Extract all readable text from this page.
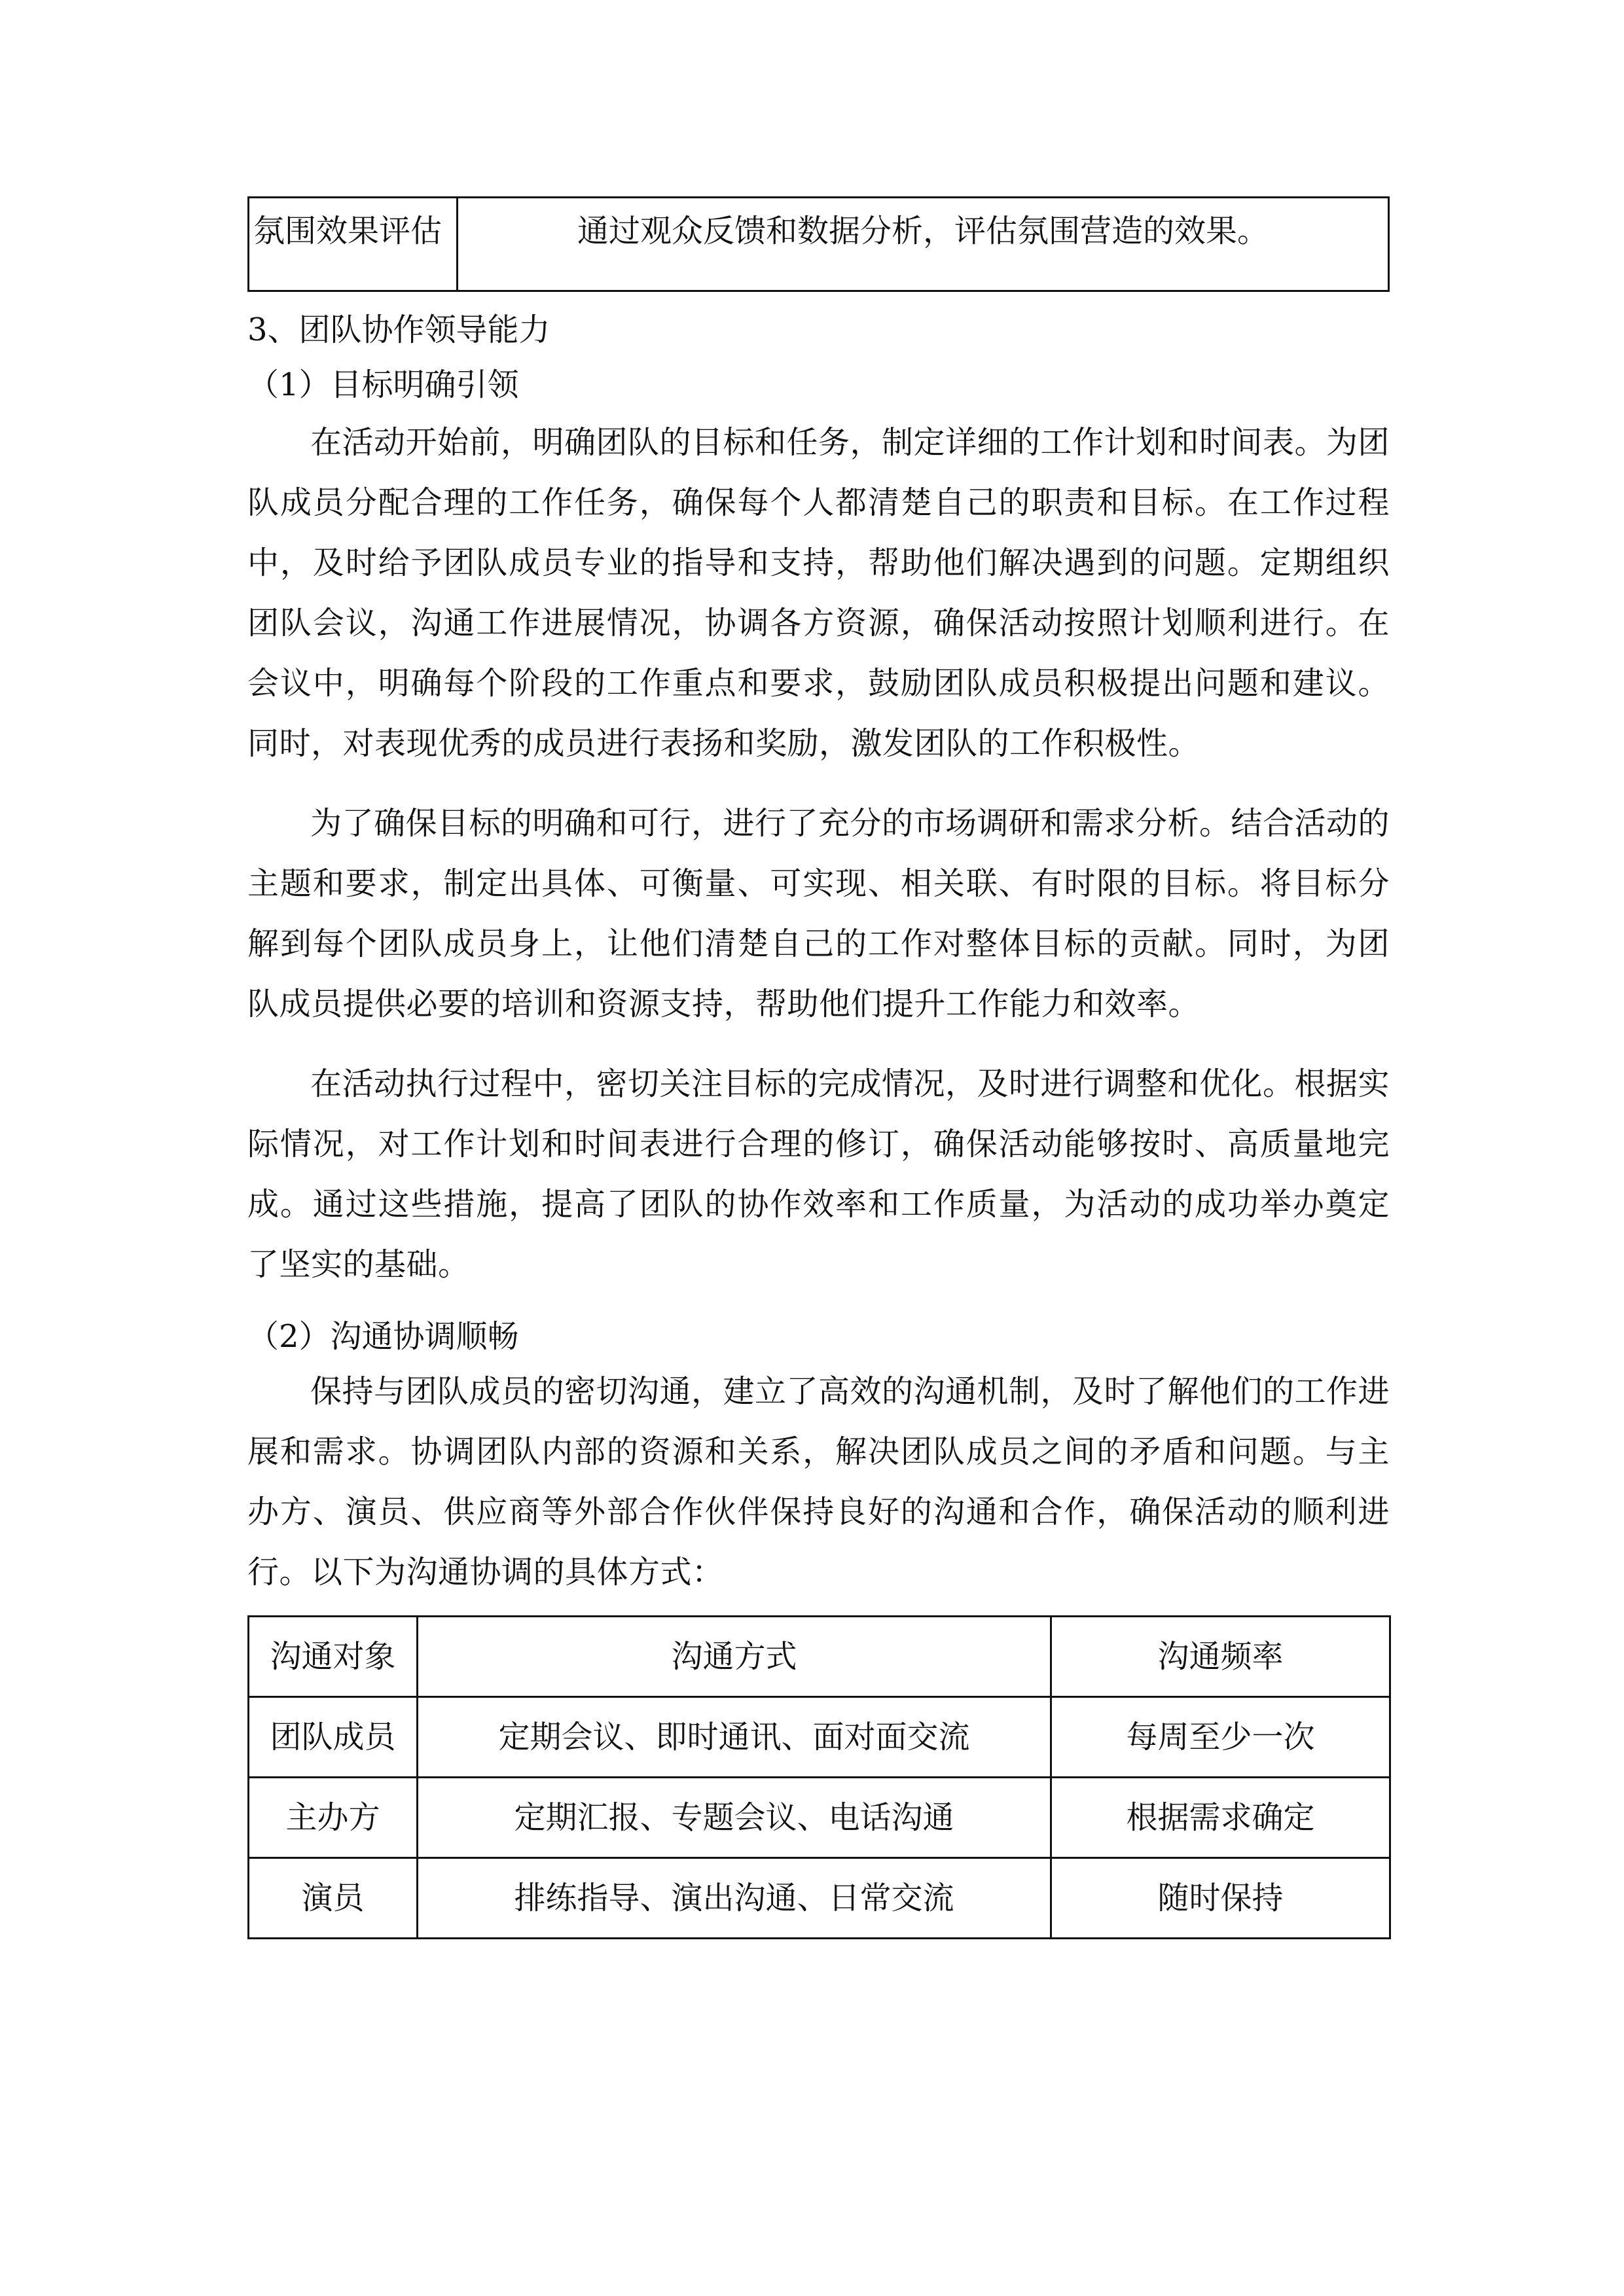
氛围效果评估	通过观众反馈和数据分析，评估氛围营造的效果。

3、团队协作领导能力

（1）目标明确引领

在活动开始前，明确团队的目标和任务，制定详细的工作计划和时间表。为团队成员分配合理的工作任务，确保每个人都清楚自己的职责和目标。在工作过程中，及时给予团队成员专业的指导和支持，帮助他们解决遇到的问题。定期组织团队会议，沟通工作进展情况，协调各方资源，确保活动按照计划顺利进行。在会议中，明确每个阶段的工作重点和要求，鼓励团队成员积极提出问题和建议。同时，对表现优秀的成员进行表扬和奖励，激发团队的工作积极性。

为了确保目标的明确和可行，进行了充分的市场调研和需求分析。结合活动的主题和要求，制定出具体、可衡量、可实现、相关联、有时限的目标。将目标分解到每个团队成员身上，让他们清楚自己的工作对整体目标的贡献。同时，为团队成员提供必要的培训和资源支持，帮助他们提升工作能力和效率。

在活动执行过程中，密切关注目标的完成情况，及时进行调整和优化。根据实际情况，对工作计划和时间表进行合理的修订，确保活动能够按时、高质量地完成。通过这些措施，提高了团队的协作效率和工作质量，为活动的成功举办奠定了坚实的基础。

（2）沟通协调顺畅

保持与团队成员的密切沟通，建立了高效的沟通机制，及时了解他们的工作进展和需求。协调团队内部的资源和关系，解决团队成员之间的矛盾和问题。与主办方、演员、供应商等外部合作伙伴保持良好的沟通和合作，确保活动的顺利进行。以下为沟通协调的具体方式：

沟通对象	沟通方式	沟通频率
团队成员	定期会议、即时通讯、面对面交流	每周至少一次
主办方	定期汇报、专题会议、电话沟通	根据需求确定
演员	排练指导、演出沟通、日常交流	随时保持
